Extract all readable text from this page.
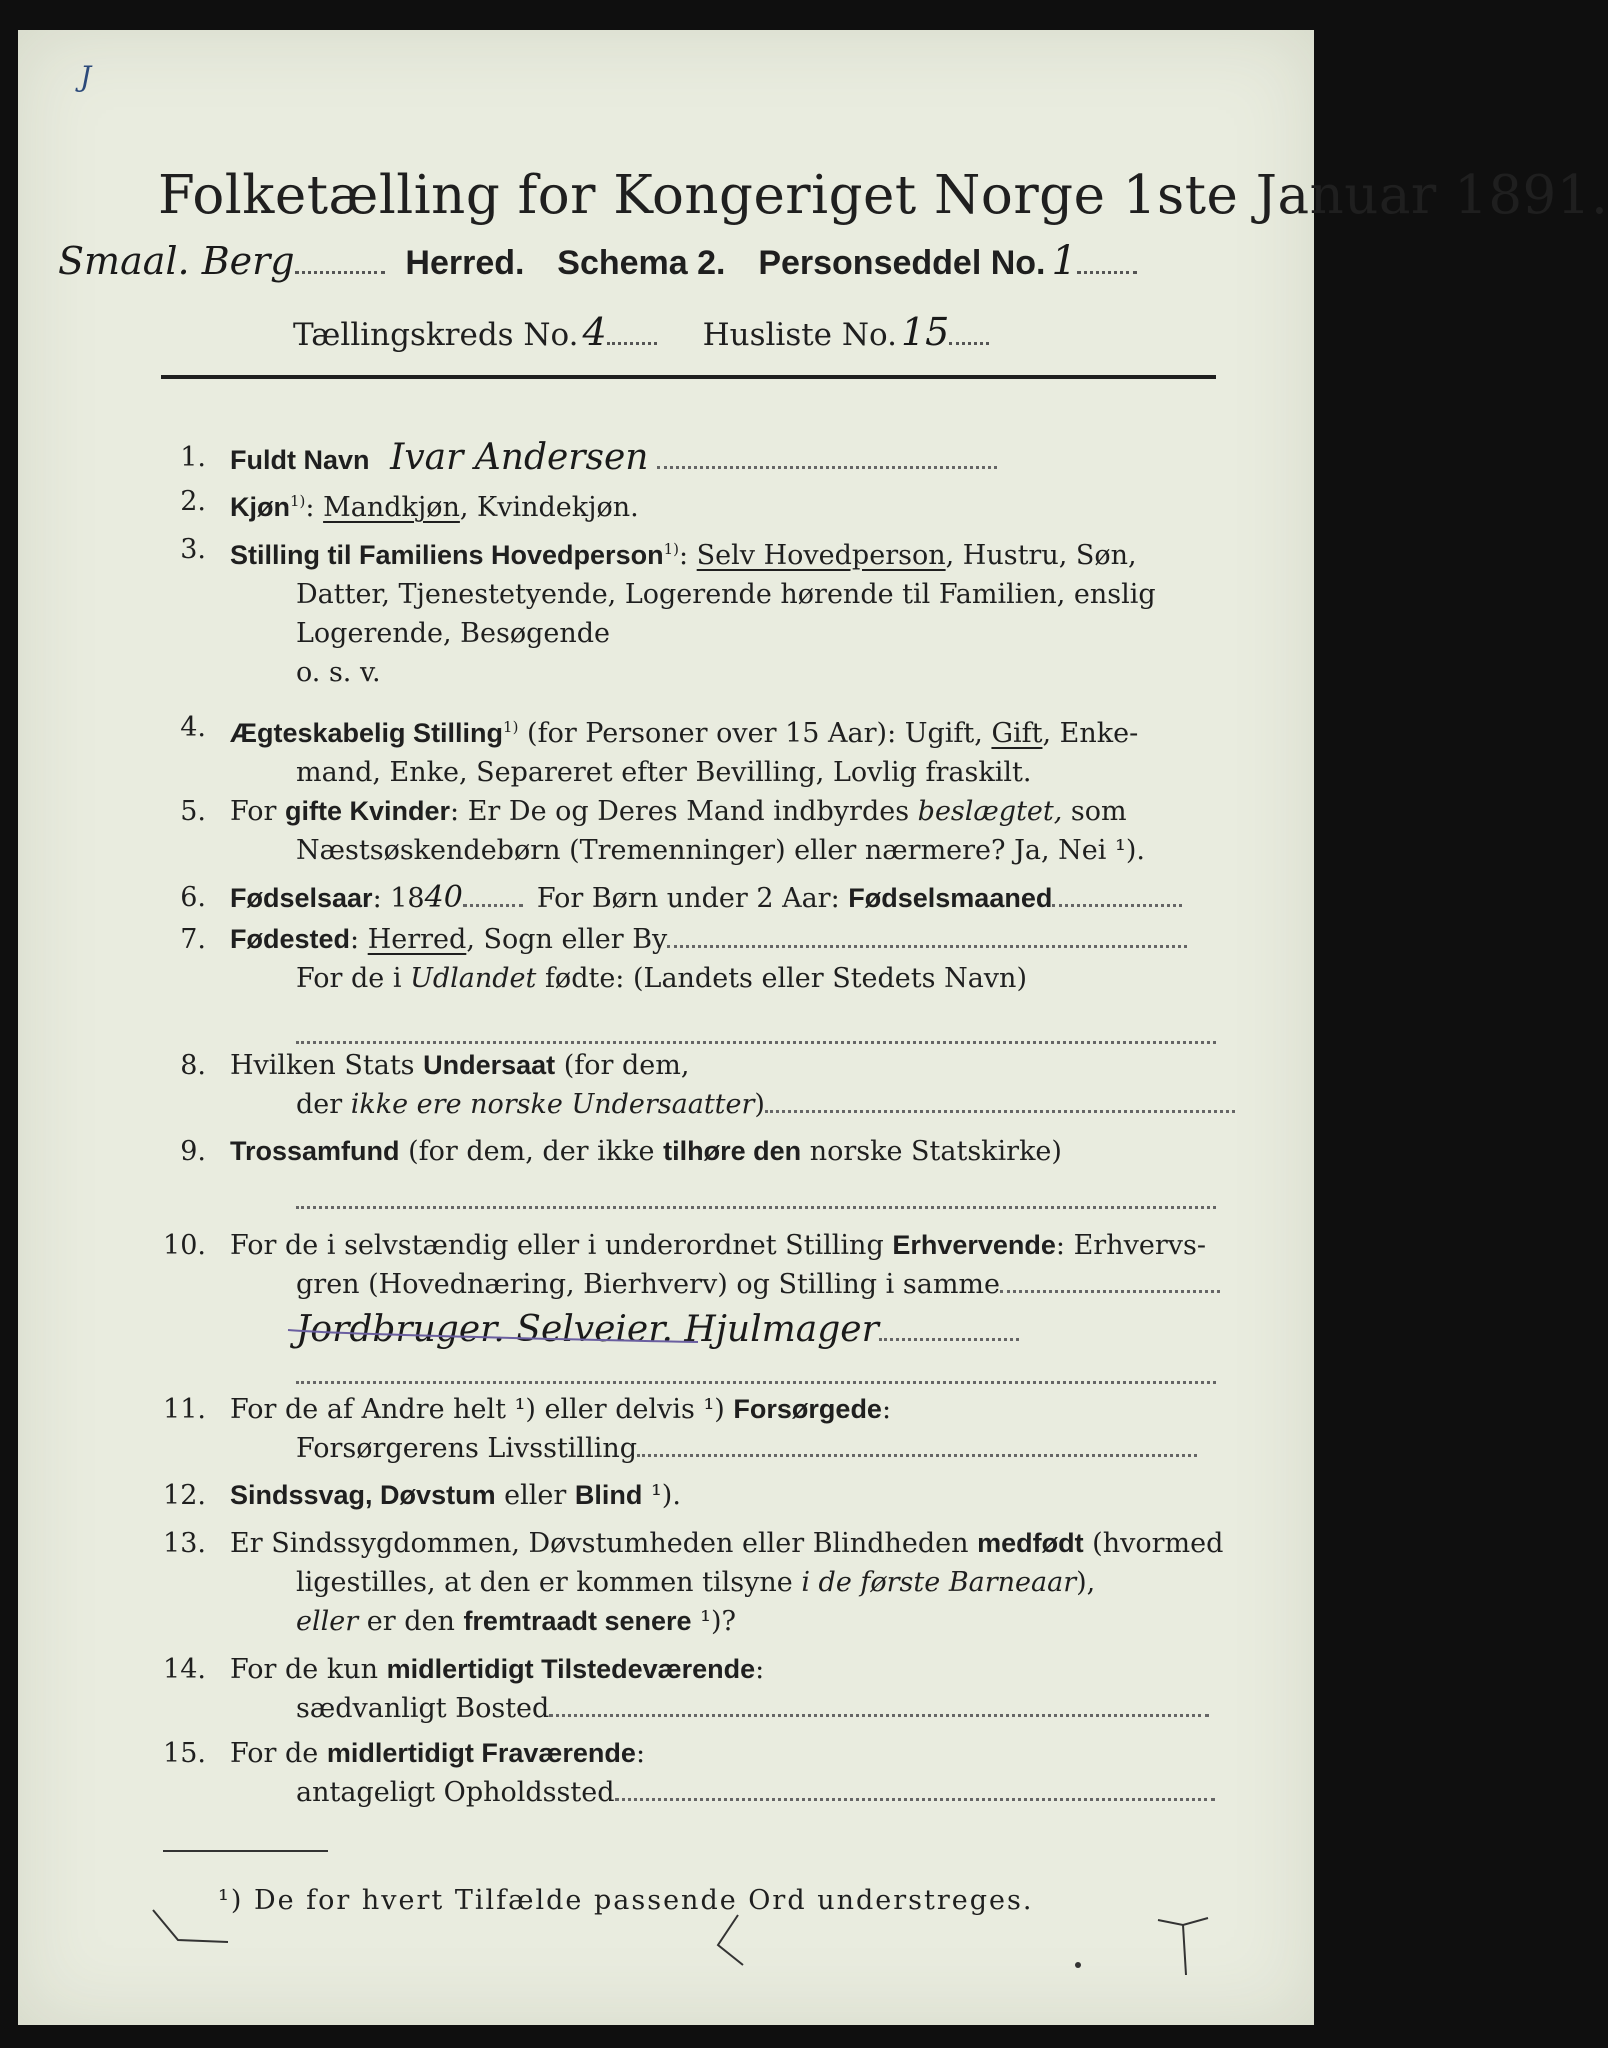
J
Folketælling for Kongeriget Norge 1ste Januar 1891.
Smaal. Berg	Herred. Schema 2. Personseddel No. 1
Tællingskreds No. 4	Husliste No. 15
1. Fuldt Navn Ivar Andersen
2. Kjøn$^{1)}$: Mandkjøn, Kvindekjøn.
3. Stilling til Familiens Hovedperson$^{1)}$: Selv Hovedperson, Hustru, Søn,
Datter, Tjenestetyende, Logerende hørende til Familien, enslig
Logerende, Besøgende
o. s. v.
4. Ægteskabelig Stilling$^{1)}$ (for Personer over 15 Aar): Ugift, Gift, Enke-
mand, Enke, Separeret efter Bevilling, Lovlig fraskilt.
5. For gifte Kvinder: Er De og Deres Mand indbyrdes beslægtet, som
Næstsøskendebørn (Tremenninger) eller nærmere? Ja, Nei ¹).
6. Fødselsaar: 1840	For Børn under 2 Aar: Fødselsmaaned
7. Fødested: Herred, Sogn eller By
For de i Udlandet fødte: (Landets eller Stedets Navn)
8. Hvilken Stats Undersaat (for dem,
der ikke ere norske Undersaatter)
9. Trossamfund (for dem, der ikke tilhøre den norske Statskirke)
10. For de i selvstændig eller i underordnet Stilling Erhvervende: Erhvervs-
gren (Hovednæring, Bierhverv) og Stilling i samme
Jordbruger. Selveier. Hjulmager
11. For de af Andre helt ¹) eller delvis ¹) Forsørgede:
Forsørgerens Livsstilling
12. Sindssvag, Døvstum eller Blind ¹).
13. Er Sindssygdommen, Døvstumheden eller Blindheden medfødt (hvormed
ligestilles, at den er kommen tilsyne i de første Barneaar),
eller er den fremtraadt senere ¹)?
14. For de kun midlertidigt Tilstedeværende:
sædvanligt Bosted
15. For de midlertidigt Fraværende:
antageligt Opholdssted
¹) De for hvert Tilfælde passende Ord understreges.
